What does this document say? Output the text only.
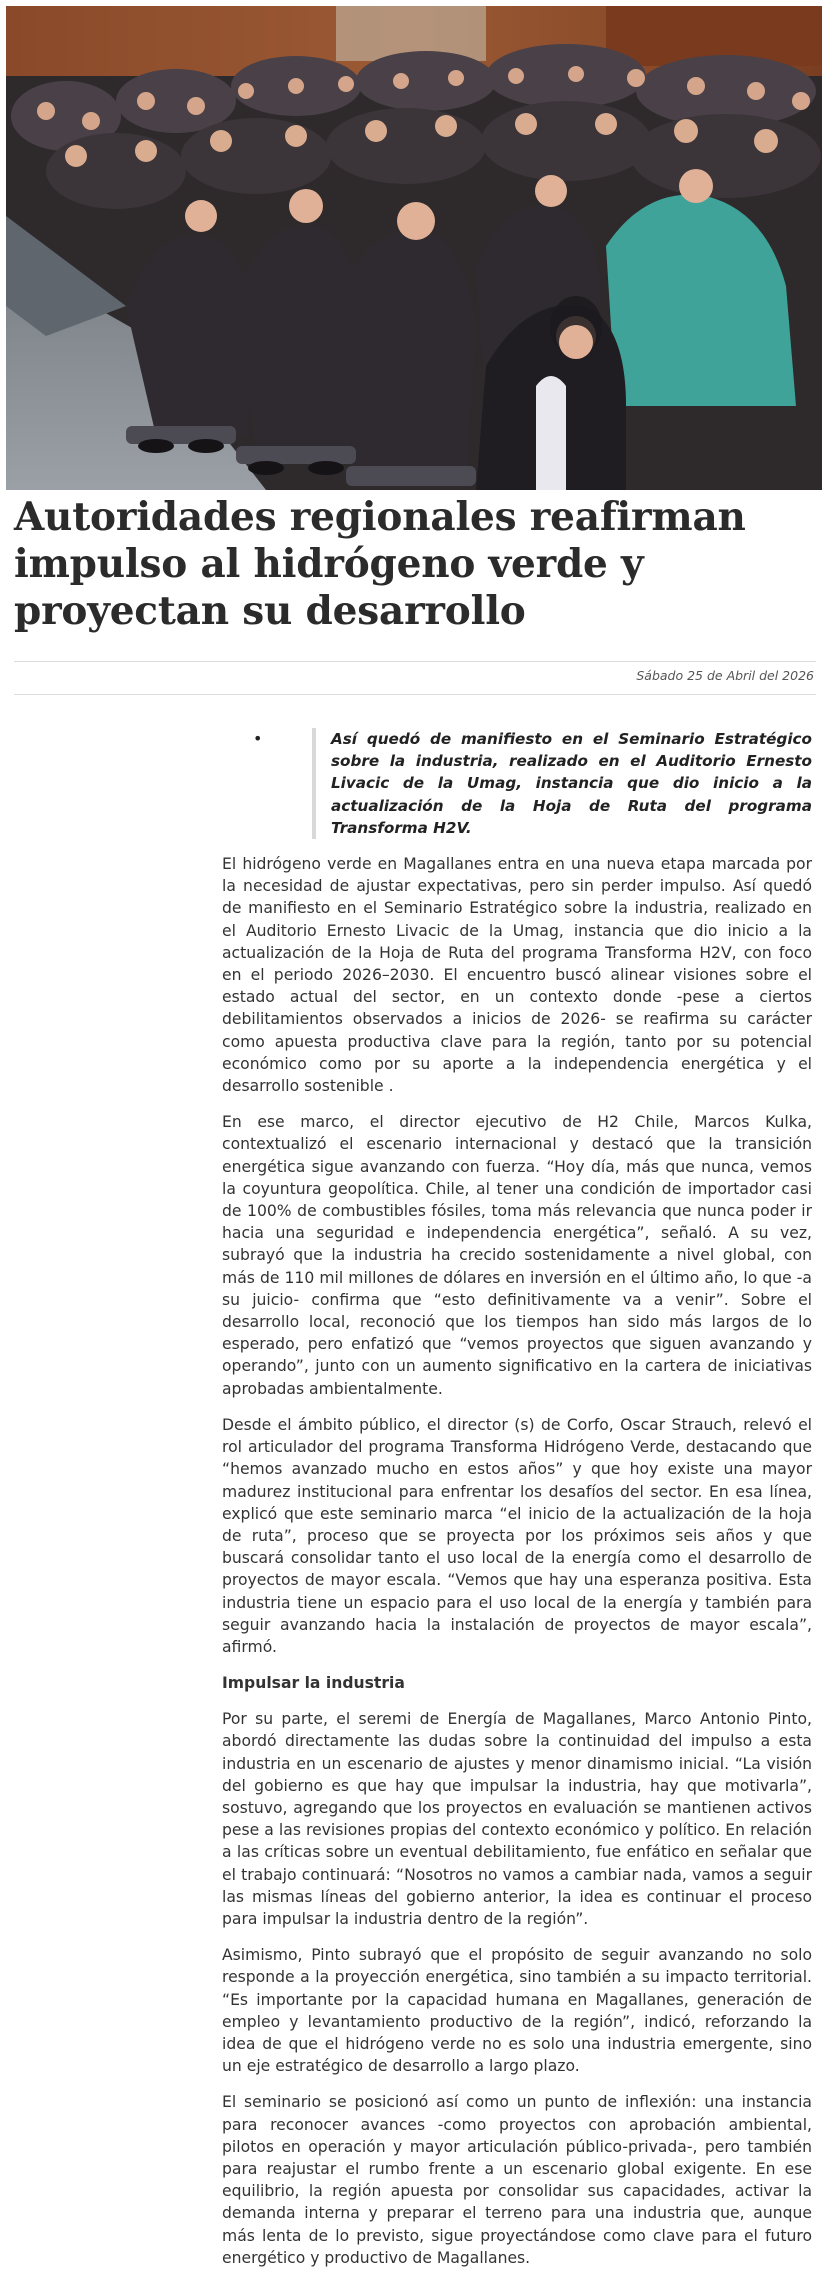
Autoridades regionales reafirman impulso al hidrógeno verde y proyectan su desarrollo
Sábado 25 de Abril del 2026
•	Así quedó de manifiesto en el Seminario Estratégico sobre la industria, realizado en el Auditorio Ernesto Livacic de la Umag, instancia que dio inicio a la actualización de la Hoja de Ruta del programa Transforma H2V.

El hidrógeno verde en Magallanes entra en una nueva etapa marcada por la necesidad de ajustar expectativas, pero sin perder impulso. Así quedó de manifiesto en el Seminario Estratégico sobre la industria, realizado en el Auditorio Ernesto Livacic de la Umag, instancia que dio inicio a la actualización de la Hoja de Ruta del programa Transforma H2V, con foco en el periodo 2026–2030. El encuentro buscó alinear visiones sobre el estado actual del sector, en un contexto donde -pese a ciertos debilitamientos observados a inicios de 2026- se reafirma su carácter como apuesta productiva clave para la región, tanto por su potencial económico como por su aporte a la independencia energética y el desarrollo sostenible .

En ese marco, el director ejecutivo de H2 Chile, Marcos Kulka, contextualizó el escenario internacional y destacó que la transición energética sigue avanzando con fuerza. “Hoy día, más que nunca, vemos la coyuntura geopolítica. Chile, al tener una condición de importador casi de 100% de combustibles fósiles, toma más relevancia que nunca poder ir hacia una seguridad e independencia energética”, señaló. A su vez, subrayó que la industria ha crecido sostenidamente a nivel global, con más de 110 mil millones de dólares en inversión en el último año, lo que -a su juicio- confirma que “esto definitivamente va a venir”. Sobre el desarrollo local, reconoció que los tiempos han sido más largos de lo esperado, pero enfatizó que “vemos proyectos que siguen avanzando y operando”, junto con un aumento significativo en la cartera de iniciativas aprobadas ambientalmente.

Desde el ámbito público, el director (s) de Corfo, Oscar Strauch, relevó el rol articulador del programa Transforma Hidrógeno Verde, destacando que “hemos avanzado mucho en estos años” y que hoy existe una mayor madurez institucional para enfrentar los desafíos del sector. En esa línea, explicó que este seminario marca “el inicio de la actualización de la hoja de ruta”, proceso que se proyecta por los próximos seis años y que buscará consolidar tanto el uso local de la energía como el desarrollo de proyectos de mayor escala. “Vemos que hay una esperanza positiva. Esta industria tiene un espacio para el uso local de la energía y también para seguir avanzando hacia la instalación de proyectos de mayor escala”, afirmó.

Impulsar la industria

Por su parte, el seremi de Energía de Magallanes, Marco Antonio Pinto, abordó directamente las dudas sobre la continuidad del impulso a esta industria en un escenario de ajustes y menor dinamismo inicial. “La visión del gobierno es que hay que impulsar la industria, hay que motivarla”, sostuvo, agregando que los proyectos en evaluación se mantienen activos pese a las revisiones propias del contexto económico y político. En relación a las críticas sobre un eventual debilitamiento, fue enfático en señalar que el trabajo continuará: “Nosotros no vamos a cambiar nada, vamos a seguir las mismas líneas del gobierno anterior, la idea es continuar el proceso para impulsar la industria dentro de la región”.

Asimismo, Pinto subrayó que el propósito de seguir avanzando no solo responde a la proyección energética, sino también a su impacto territorial. “Es importante por la capacidad humana en Magallanes, generación de empleo y levantamiento productivo de la región”, indicó, reforzando la idea de que el hidrógeno verde no es solo una industria emergente, sino un eje estratégico de desarrollo a largo plazo.

El seminario se posicionó así como un punto de inflexión: una instancia para reconocer avances -como proyectos con aprobación ambiental, pilotos en operación y mayor articulación público-privada-, pero también para reajustar el rumbo frente a un escenario global exigente. En ese equilibrio, la región apuesta por consolidar sus capacidades, activar la demanda interna y preparar el terreno para una industria que, aunque más lenta de lo previsto, sigue proyectándose como clave para el futuro energético y productivo de Magallanes.
